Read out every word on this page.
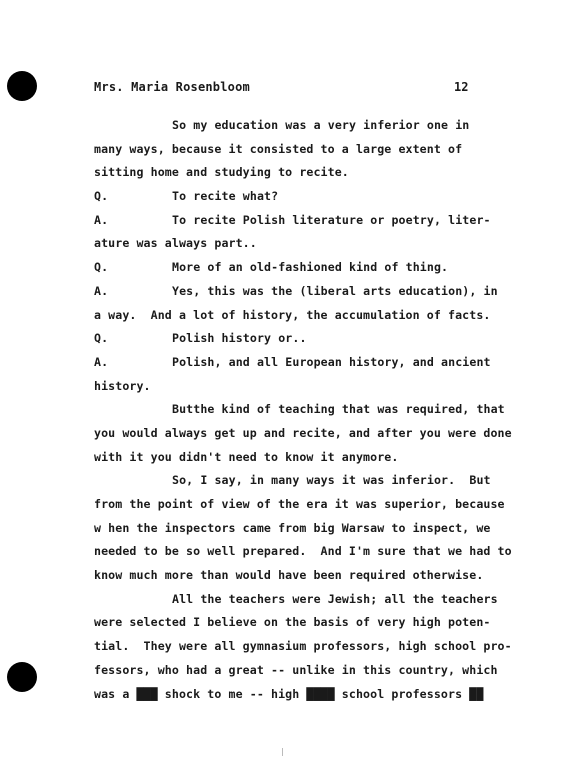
Mrs. Maria Rosenbloom	12
So my education was a very inferior one in
many ways, because it consisted to a large extent of
sitting home and studying to recite.
Q.	To recite what?
A.	To recite Polish literature or poetry, liter-
ature was always part..
Q.	More of an old-fashioned kind of thing.
A.	Yes, this was the (liberal arts education), in
a way.  And a lot of history, the accumulation of facts.
Q.	Polish history or..
A.	Polish, and all European history, and ancient
history.
Butthe kind of teaching that was required, that
you would always get up and recite, and after you were done
with it you didn't need to know it anymore.
So, I say, in many ways it was inferior.  But
from the point of view of the era it was superior, because
w hen the inspectors came from big Warsaw to inspect, we
needed to be so well prepared.  And I'm sure that we had to
know much more than would have been required otherwise.
All the teachers were Jewish; all the teachers
were selected I believe on the basis of very high poten-
tial.  They were all gymnasium professors, high school pro-
fessors, who had a great -- unlike in this country, which
was a ███ shock to me -- high ████ school professors ██
